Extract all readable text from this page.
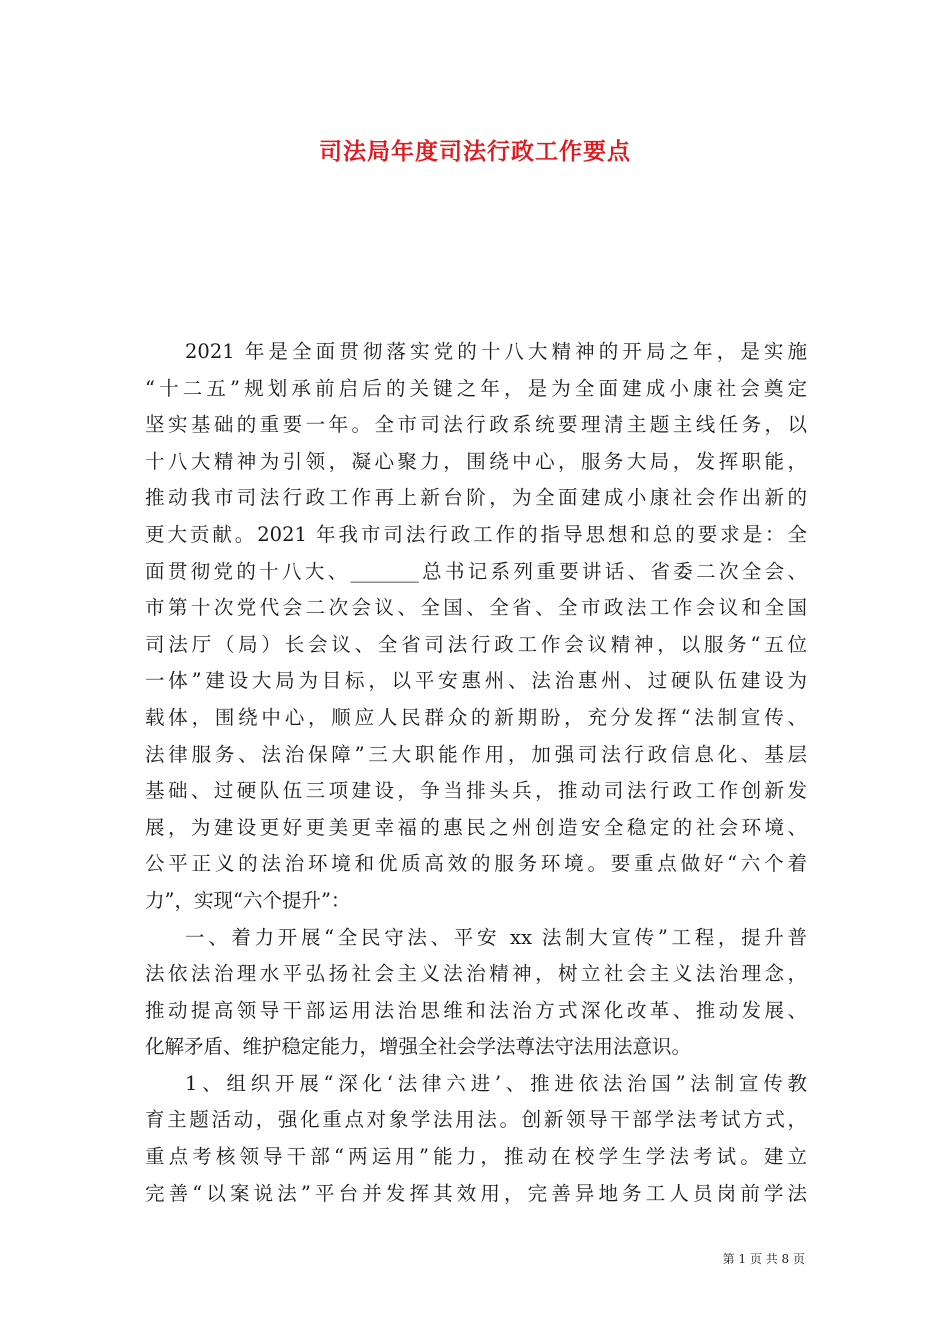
司法局年度司法行政工作要点
2021 年是全面贯彻落实党的十八大精神的开局之年，是实施
“十二五”规划承前启后的关键之年，是为全面建成小康社会奠定
坚实基础的重要一年。全市司法行政系统要理清主题主线任务，以
十八大精神为引领，凝心聚力，围绕中心，服务大局，发挥职能，
推动我市司法行政工作再上新台阶，为全面建成小康社会作出新的
更大贡献。2021 年我市司法行政工作的指导思想和总的要求是：全
面贯彻党的十八大、_______总书记系列重要讲话、省委二次全会、
市第十次党代会二次会议、全国、全省、全市政法工作会议和全国
司法厅（局）长会议、全省司法行政工作会议精神，以服务“五位
一体”建设大局为目标，以平安惠州、法治惠州、过硬队伍建设为
载体，围绕中心，顺应人民群众的新期盼，充分发挥“法制宣传、
法律服务、法治保障”三大职能作用，加强司法行政信息化、基层
基础、过硬队伍三项建设，争当排头兵，推动司法行政工作创新发
展，为建设更好更美更幸福的惠民之州创造安全稳定的社会环境、
公平正义的法治环境和优质高效的服务环境。要重点做好“六个着
力”，实现“六个提升”：
一、着力开展“全民守法、平安 xx 法制大宣传”工程，提升普
法依法治理水平弘扬社会主义法治精神，树立社会主义法治理念，
推动提高领导干部运用法治思维和法治方式深化改革、推动发展、
化解矛盾、维护稳定能力，增强全社会学法尊法守法用法意识。
1、组织开展“深化‘法律六进’、推进依法治国”法制宣传教
育主题活动，强化重点对象学法用法。创新领导干部学法考试方式，
重点考核领导干部“两运用”能力，推动在校学生学法考试。建立
完善“以案说法”平台并发挥其效用，完善异地务工人员岗前学法
第 1 页 共 8 页
